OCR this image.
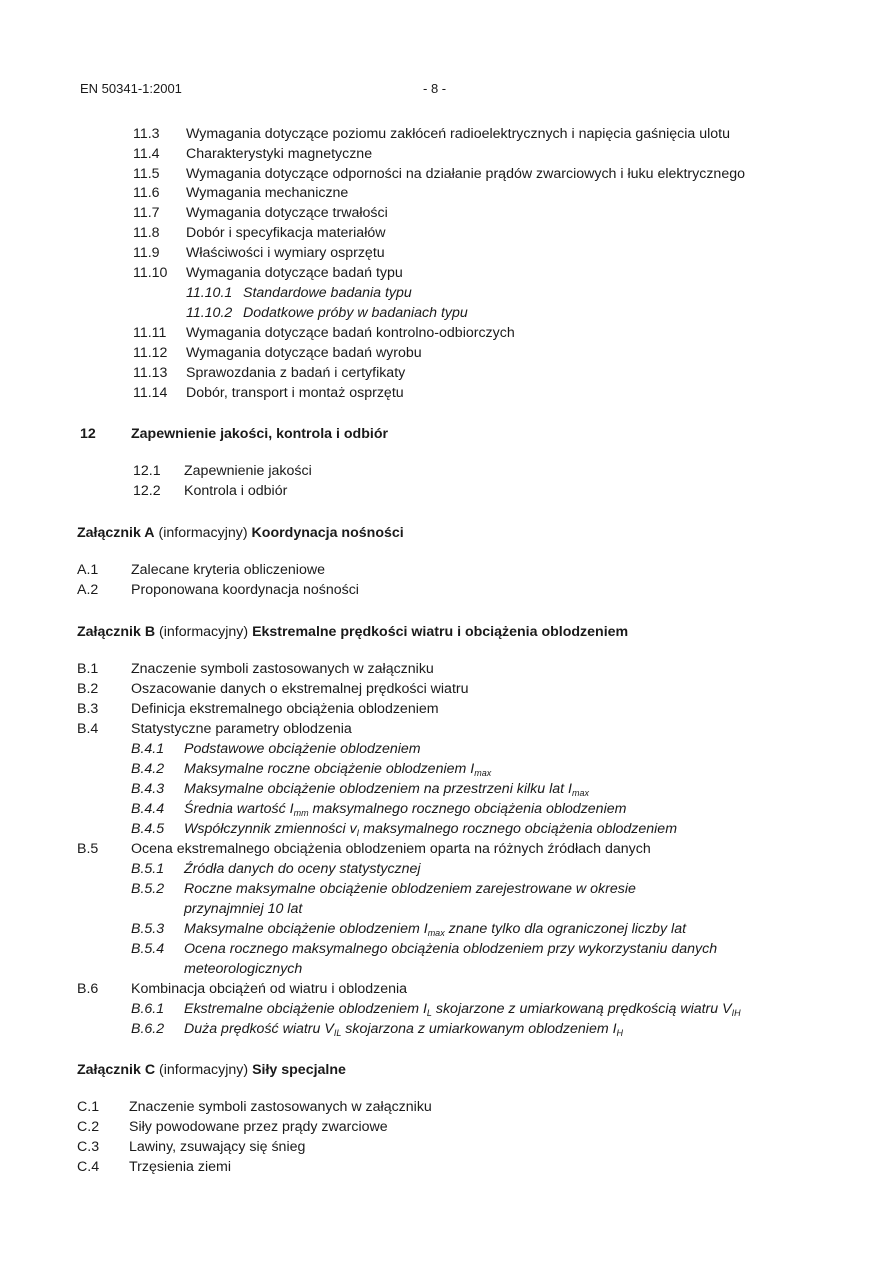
EN 50341-1:2001	- 8 -
11.3 Wymagania dotyczące poziomu zakłóceń radioelektrycznych i napięcia gaśnięcia ulotu
11.4 Charakterystyki magnetyczne
11.5 Wymagania dotyczące odporności na działanie prądów zwarciowych i łuku elektrycznego
11.6 Wymagania mechaniczne
11.7 Wymagania dotyczące trwałości
11.8 Dobór i specyfikacja materiałów
11.9 Właściwości i wymiary osprzętu
11.10 Wymagania dotyczące badań typu
11.10.1 Standardowe badania typu
11.10.2 Dodatkowe próby w badaniach typu
11.11 Wymagania dotyczące badań kontrolno-odbiorczych
11.12 Wymagania dotyczące badań wyrobu
11.13 Sprawozdania z badań i certyfikaty
11.14 Dobór, transport i montaż osprzętu
12 Zapewnienie jakości, kontrola i odbiór
12.1 Zapewnienie jakości
12.2 Kontrola i odbiór
Załącznik A (informacyjny) Koordynacja nośności
A.1 Zalecane kryteria obliczeniowe
A.2 Proponowana koordynacja nośności
Załącznik B (informacyjny) Ekstremalne prędkości wiatru i obciążenia oblodzeniem
B.1 Znaczenie symboli zastosowanych w załączniku
B.2 Oszacowanie danych o ekstremalnej prędkości wiatru
B.3 Definicja ekstremalnego obciążenia oblodzeniem
B.4 Statystyczne parametry oblodzenia
B.4.1 Podstawowe obciążenie oblodzeniem
B.4.2 Maksymalne roczne obciążenie oblodzeniem $I_{max}$
B.4.3 Maksymalne obciążenie oblodzeniem na przestrzeni kilku lat $I_{max}$
B.4.4 Średnia wartość $I_{mm}$ maksymalnego rocznego obciążenia oblodzeniem
B.4.5 Współczynnik zmienności $v_I$ maksymalnego rocznego obciążenia oblodzeniem
B.5 Ocena ekstremalnego obciążenia oblodzeniem oparta na różnych źródłach danych
B.5.1 Źródła danych do oceny statystycznej
B.5.2 Roczne maksymalne obciążenie oblodzeniem zarejestrowane w okresie
przynajmniej 10 lat
B.5.3 Maksymalne obciążenie oblodzeniem $I_{max}$ znane tylko dla ograniczonej liczby lat
B.5.4 Ocena rocznego maksymalnego obciążenia oblodzeniem przy wykorzystaniu danych
meteorologicznych
B.6 Kombinacja obciążeń od wiatru i oblodzenia
B.6.1 Ekstremalne obciążenie oblodzeniem $I_L$ skojarzone z umiarkowaną prędkością wiatru $V_{IH}$
B.6.2 Duża prędkość wiatru $V_{IL}$ skojarzona z umiarkowanym oblodzeniem $I_H$
Załącznik C (informacyjny) Siły specjalne
C.1 Znaczenie symboli zastosowanych w załączniku
C.2 Siły powodowane przez prądy zwarciowe
C.3 Lawiny, zsuwający się śnieg
C.4 Trzęsienia ziemi
